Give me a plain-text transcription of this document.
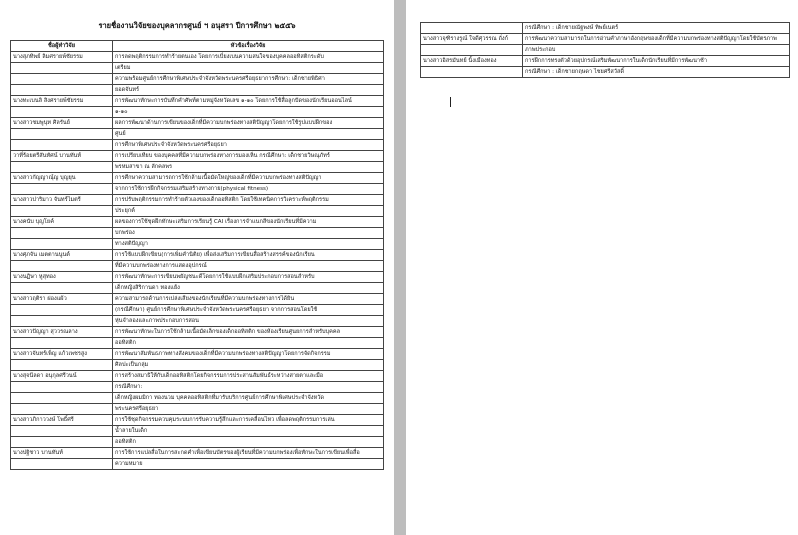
รายชื่องานวิจัยของบุคลากรศูนย์ ฯ อนุสรา ปีการศึกษา ๒๕๕๖
ชื่อผู้ทำวิจัย	หัวข้อเรื่องวิจัย
นางสุภทิพย์ ลิมศรายพ์ชัยรรม	การลดพฤติกรรมการทำร้ายตนเอง โดยการเบี่ยงเบนความสนใจของบุคคลออทิสติกระดับ
	เตรียม
	ความพร้อมศูนย์การศึกษาพิเศษประจำจังหวัดพระนครศรีอยุธยาการศึกษา: เด็กชายพิธิศา
	ยอดจันทร์
นางทะเบนลิ สิงศรายพ์ชัยรรม	การพัฒนาทักษะการบันทึกคำศัพท์ตามหมู่จังหวัดเลข ๑-๑๐ โดยการใช้สื่อลูกปัดของนักเรียนออนไลน์
	๑-๑๐
นางสาวชมพูนุท ศิลรันย์	ผลการพัฒนาด้านการเขียนของเด็กที่มีความบกพร่องทางสติปัญญาโดยการใช้รูปแบบฝึกของ
	ศูนย์
	การศึกษาพิเศษประจำจังหวัดพระนครศรีอยุธยา
วาที่ร้อยตรีสันทัศน์ บานทันท์	การเปรียบเทียบ ของบุคคลที่มีความบกพร่องทางการมองเห็น กรณีศึกษา: เด็กชายวิษณุภัทร์
	พรหมสาขา ณ ลักคลพร
นางสาวกัญญาณุ์ญ บุญยุน	การศึกษาความสามารถการใช้กล้ามเนื้อมัดใหญ่ของเด็กที่มีความบกพร่องทางสติปัญญา
	จากการใช้การฝึกกิจกรรมเสริมสร้างทางกาย(physical fitness)
นางสาวปาริมาว จันทร์ไมตรี	การปรับพฤติกรรมการทำร้ายตัวเองของเด็กออทิสติก โดยใช้เทคนิคการวิเคราะห์พฤติกรรม
	ประยุกต์
นางคนับ บุญโยค์	ผลของการใช้ชุดฝึกทักษะเสริมการเรียนรู้ CAI เรื่องการจำแนกสีของนักเรียนที่มีความ
	บกพร่อง
	ทางสติปัญญา
นางศุภจัน เมตตานนูนต์	การใช้แบบฝึกเขียน(การเพิ่มคำนิติย) เพื่อส่งเสริมการเขียนสื่อสร้างสรรค์ของนักเรียน
	ที่มีความบกพร่องทางการแสดงอุปกรณ์
นางนฏิษา หูสุทอง	การพัฒนาทักษะการเขียนพยัญชนะดีโดยการใช้แบบฝึกเสริมประกอบการสอนสำหรับ
	เด็กหญิงสิริกานดา ทองแย้ง
นางสาวฤติรา ผ่องแผ้ว	ความสามารถด้านการเปล่งเสียงของนักเรียนที่มีความบกพร่องทางการได้ยิน
	(กรณีศึกษา) ศูนย์การศึกษาพิเศษประจำจังหวัดพระนครศรีอยุธยา จากการสอนโดยใช้
	หุ่นจำลองและภาพประกอบการสอน
นางสาวปัญญา สุววรณลาง	การพัฒนาทักษะในการใช้กล้ามเนื้อมัดเล็กของเด็กออทิสติก ของห้องเรียนศูนยการสำหรับบุคคล
	ออทิสติก
นางสาวจันทร์เพ็ญ แก้วเพชรสูง	การพัฒนาสัมพันธภาพทางสังคมของเด็กที่มีความบกพร่องทางสติปัญญาโดยการจัดกิจกรรม
	ศิลปะเป็นกลุ่ม
นางสุจนีลดา อนุกุลศรีวนน์	การสร้างสมาธิให้กับเด็กออทิสติกโดยกิจกรรมการประสานสัมพันธ์ระหว่างสายตาและมือ
	กรณีศึกษา:
	เด็กหญิงผมมิกา ทองนวม บุคคลออทิสติกที่มารับบริการศูนย์การศึกษาพิเศษประจำจังหวัด
	พระนครศรีอยุธยา
นางสาวภิกาววงษ์ โพธิ์ศรี	การใช้ชุดกิจกรรมควบคุมระบบการรับความรู้สึกและการเคลื่อนไหว เพื่อลดพฤติกรรมการเล่น
	น้ำลายในเด็ก
	ออทิสติก
นางปฐิชาว บานทันท์	การใช้การแปลสื่อในการสะกดคำเพื่อเขียนบัตรของผู้เรียนที่มีความบกพร่องเพื่อทักษะในการเขียนเพื่อสื่อ
	ความหมาย
	กรณีศึกษา : เด็กชายณัฐพงษ์ ทิพย์เนตร์
นางสาวจุฑิรางรูณ์ ใจดีศุวรรณ ถั่งก์	การพัฒนาความสามารถในการอ่านคำภาษาอังกฤษของเด็กที่มีความบกพร่องทางสติปัญญาโดยใช้บัตรภาพ
	ภาพประกอบ
นางสาวอิสรมันทย์ นิ้งเมืองทอง	การฝึกการทรงตัวด้วยอุปกรณ์เสริมพัฒนาการในเด็กนักเรียนที่มีการพัฒนาช้า
	กรณีศึกษา : เด็กชายกฤษดา ไชยศรีสวัสดิ์
